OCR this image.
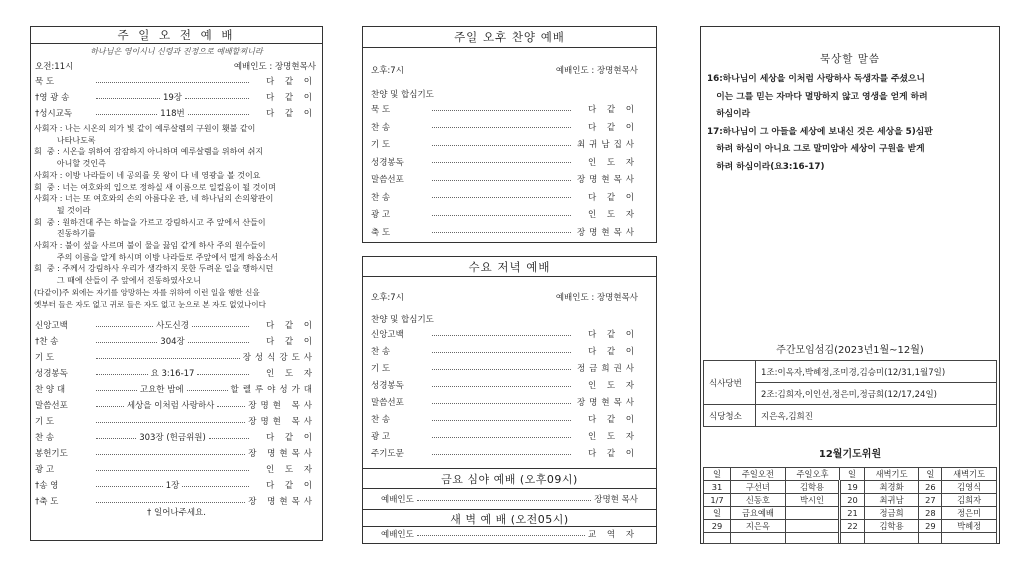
주 일 오 전 예 배
하나님은 영이시니 신령과 진정으로 예배할찌니라
오전:11시	예배인도 : 장명현목사
묵 도	다 같 이
†영 광 송	19장	다 같 이
†성시교독	118번	다 같 이
사회자 : 나는 시온의 의가 빛 같이 예루살렘의 구원이 횃불 같이
나타나도록
회  중 : 시온을 위하여 잠잠하지 아니하며 예루살렘을 위하여 쉬지
아니할 것인즉
사회자 : 이방 나라들이 네 공의를 못 왕이 다 네 영광을 볼 것이요
회  중 : 너는 여호와의 입으로 정하실 새 이름으로 일컬음이 될 것이며
사회자 : 너는 또 여호와의 손의 아름다운 관, 네 하나님의 손의왕관이
될 것이라
회  중 : 원하건대 주는 하늘을 가르고 강림하시고 주 앞에서 산들이
진동하기를
사회자 : 불이 섶을 사르며 불이 물을 끓임 같게 하사 주의 원수들이
주의 이름을 알게 하시며 이방 나라들로 주앞에서 떨게 하옵소서
회  중 : 주께서 강림하사 우리가 생각하지 못한 두려운 일을 행하시던
그 때에 산들이 주 앞에서 진동하였사오니
(다같이)주 외에는 자기를 앙망하는 자를 위하여 이런 일을 행한 신을
옛부터 들은 자도 없고 귀로 들은 자도 없고 눈으로 본 자도 없었나이다
신앙고백	사도신경	다 같 이
†찬 송	304장	다 같 이
기 도	장성식강도사
성경봉독	요 3:16-17	인 도 자
찬 양 대	고요한 밤에	할렐루야성가대
말씀선포	세상을 이처럼 사랑하사	장명현 목사
기 도	장명현 목사
찬 송	303장 (헌금위원)	다 같 이
봉헌기도	장 명현목사
광 고	인 도 자
†송 영	1장	다 같 이
†축 도	장 명현목사
† 일어나주세요.
주일 오후 찬양 예배
오후:7시	예배인도 : 장명현목사
찬양 및 합심기도
묵 도	다 같 이
찬 송	다 같 이
기 도	최귀남집사
성경봉독	인 도 자
말씀선포	장명현목사
찬 송	다 같 이
광 고	인 도 자
축 도	장명현목사
수요 저녁 예배
오후:7시	예배인도 : 장명현목사
찬양 및 합심기도
신앙고백	다 같 이
찬 송	다 같 이
기 도	정금희권사
성경봉독	인 도 자
말씀선포	장명현목사
찬 송	다 같 이
광 고	인 도 자
주기도문	다 같 이
금요 심야 예배 (오후09시)
예배인도	장명현 목사
새 벽 예 배 (오전05시)
예배인도	교 역 자
묵상할 말씀
16:하나님이 세상을 이처럼 사랑하사 독생자를 주셨으니
이는 그를 믿는 자마다 멸망하지 않고 영생을 얻게 하려
하심이라
17:하나님이 그 아들을 세상에 보내신 것은 세상을 5)심판
하려 하심이 아니요 그로 말미암아 세상이 구원을 받게
하려 하심이라(요3:16-17)
주간모임섬김(2023년1월~12월)
식사당번	1조:이옥자,박혜정,조미경,김승미(12/31,1월7일)
	2조:김희자,이인선,정은미,정금희(12/17,24일)
식당청소	지은옥,김희진
12월기도위원
일	주일오전	주일오후	일	새벽기도	일	새벽기도
31	구선녀	김학용	19	최경화	26	김영식
1/7	신동호	박시인	20	최귀남	27	김희자
일	금요예배		21	정금희	28	정은미
29	지은옥		22	김학용	29	박혜정
